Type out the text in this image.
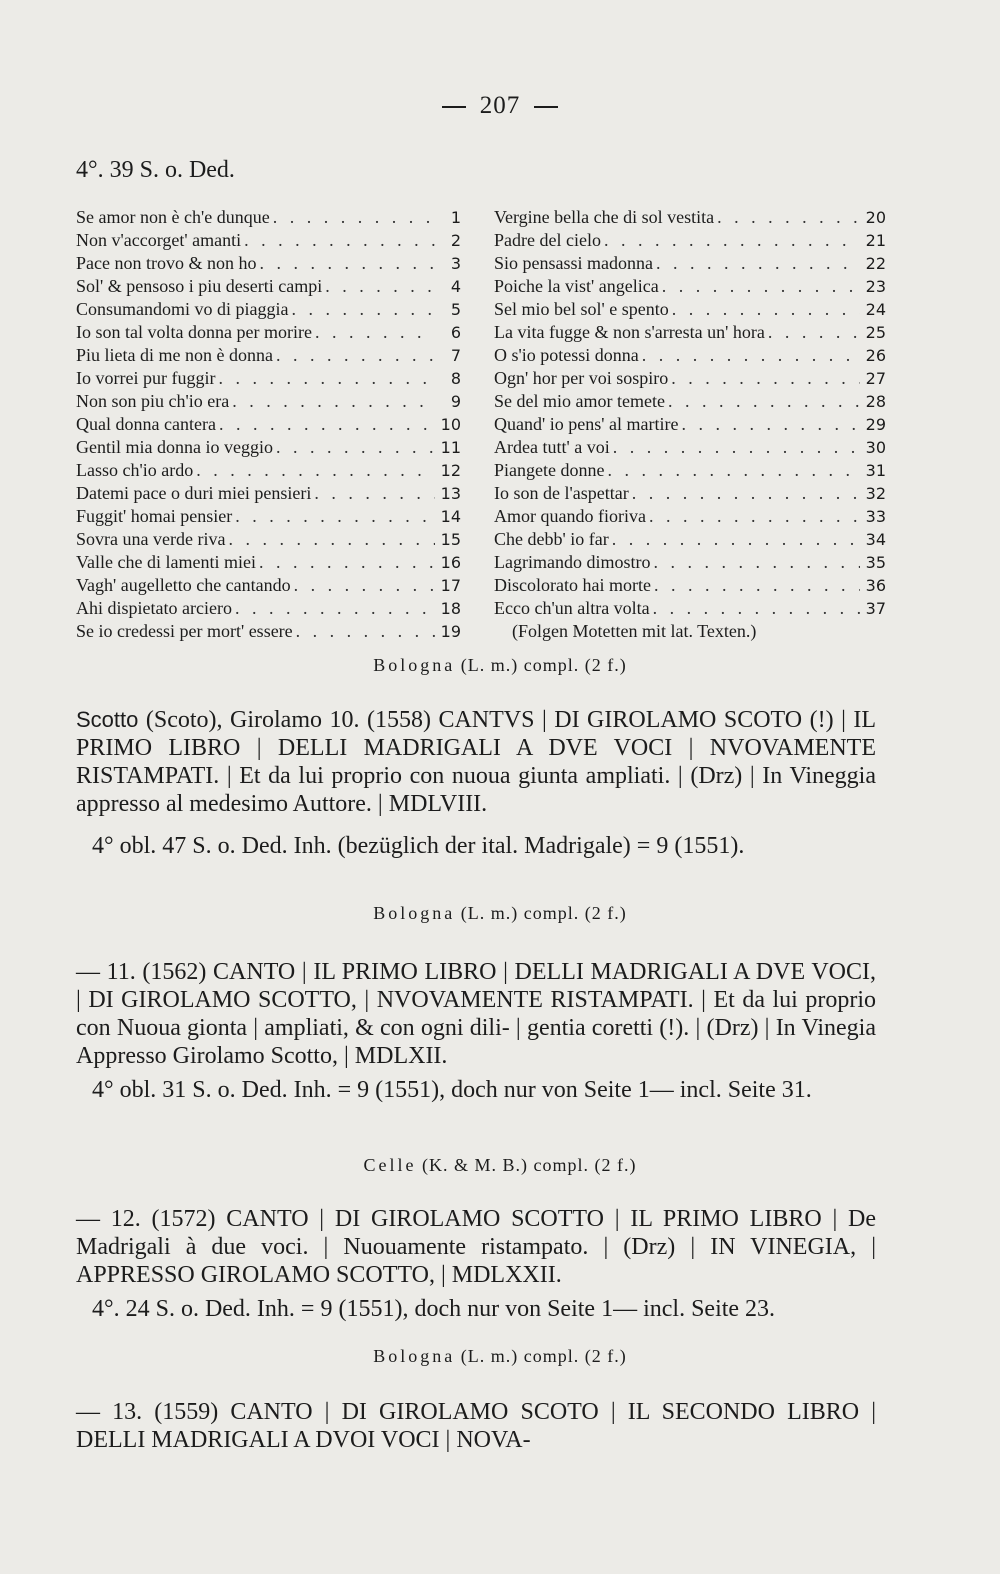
207
4°. 39 S. o. Ded.
Se amor non è ch'e dunque . . .	1
Non v'accorget' amanti . . .	2
Pace non trovo & non ho . . .	3
Sol' & pensoso i piu deserti campi . . .	4
Consumandomi vo di piaggia . . .	5
Io son tal volta donna per morire . . .	6
Piu lieta di me non è donna . . .	7
Io vorrei pur fuggir . . .	8
Non son piu ch'io era . . .	9
Qual donna cantera . . .	10
Gentil mia donna io veggio . . .	11
Lasso ch'io ardo . . .	12
Datemi pace o duri miei pensieri . . .	13
Fuggit' homai pensier . . .	14
Sovra una verde riva . . .	15
Valle che di lamenti miei . . .	16
Vagh' augelletto che cantando . . .	17
Ahi dispietato arciero . . .	18
Se io credessi per mort' essere . . .	19
Vergine bella che di sol vestita . . .	20
Padre del cielo . . .	21
Sio pensassi madonna . . .	22
Poiche la vist' angelica . . .	23
Sel mio bel sol' e spento . . .	24
La vita fugge & non s'arresta un' hora . . .	25
O s'io potessi donna . . .	26
Ogn' hor per voi sospiro . . .	27
Se del mio amor temete . . .	28
Quand' io pens' al martire . . .	29
Ardea tutt' a voi . . .	30
Piangete donne . . .	31
Io son de l'aspettar . . .	32
Amor quando fioriva . . .	33
Che debb' io far . . .	34
Lagrimando dimostro . . .	35
Discolorato hai morte . . .	36
Ecco ch'un altra volta . . .	37
(Folgen Motetten mit lat. Texten.)
Bologna (L. m.) compl. (2 f.)
Scotto (Scoto), Girolamo 10. (1558) CANTVS | DI GIROLAMO SCOTO (!) | IL PRIMO LIBRO | DELLI MADRIGALI A DVE VOCI | NVOVAMENTE RISTAMPATI. | Et da lui proprio con nuoua giunta ampliati. | (Drz) | In Vineggia appresso al medesimo Auttore. | MDLVIII.
4° obl. 47 S. o. Ded. Inh. (bezüglich der ital. Madrigale) = 9 (1551).
Bologna (L. m.) compl. (2 f.)
— 11. (1562) CANTO | IL PRIMO LIBRO | DELLI MADRIGALI A DVE VOCI, | DI GIROLAMO SCOTTO, | NVOVAMENTE RISTAMPATI. | Et da lui proprio con Nuoua gionta | ampliati, & con ogni dili- | gentia coretti (!). | (Drz) | In Vinegia Appresso Girolamo Scotto, | MDLXII.
4° obl. 31 S. o. Ded. Inh. = 9 (1551), doch nur von Seite 1— incl. Seite 31.
Celle (K. & M. B.) compl. (2 f.)
— 12. (1572) CANTO | DI GIROLAMO SCOTTO | IL PRIMO LIBRO | De Madrigali à due voci. | Nuouamente ristampato. | (Drz) | IN VINEGIA, | APPRESSO GIROLAMO SCOTTO, | MDLXXII.
4°. 24 S. o. Ded. Inh. = 9 (1551), doch nur von Seite 1— incl. Seite 23.
Bologna (L. m.) compl. (2 f.)
— 13. (1559) CANTO | DI GIROLAMO SCOTO | IL SECONDO LIBRO | DELLI MADRIGALI A DVOI VOCI | NOVA-
